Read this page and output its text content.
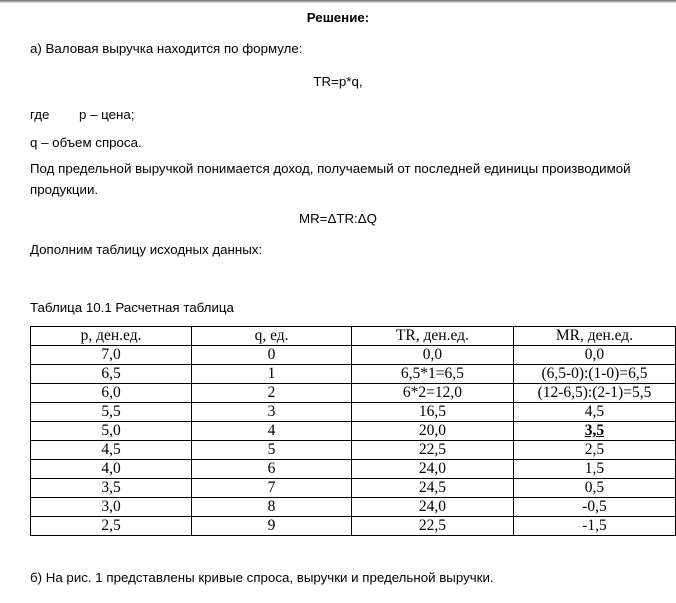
Решение:
а) Валовая выручка находится по формуле:
TR=p*q,
где р – цена;
q – объем спроса.
Под предельной выручкой понимается доход, получаемый от последней единицы производимой продукции.
MR=ΔTR:ΔQ
Дополним таблицу исходных данных:
Таблица 10.1 Расчетная таблица
p, ден.ед.	q, ед.	TR, ден.ед.	MR, ден.ед.
7,0	0	0,0	0,0
6,5	1	6,5*1=6,5	(6,5-0):(1-0)=6,5
6,0	2	6*2=12,0	(12-6,5):(2-1)=5,5
5,5	3	16,5	4,5
5,0	4	20,0	3,5
4,5	5	22,5	2,5
4,0	6	24,0	1,5
3,5	7	24,5	0,5
3,0	8	24,0	-0,5
2,5	9	22,5	-1,5
б) На рис. 1 представлены кривые спроса, выручки и предельной выручки.
